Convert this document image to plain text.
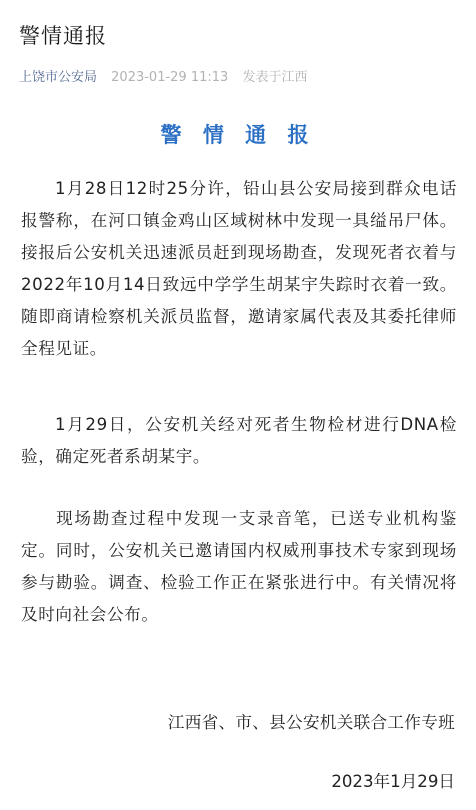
警情通报
上饶市公安局 2023-01-29 11:13 发表于江西
警 情 通 报
1月28日12时25分许，铅山县公安局接到群众电话报警称，在河口镇金鸡山区域树林中发现一具缢吊尸体。接报后公安机关迅速派员赶到现场勘查，发现死者衣着与2022年10月14日致远中学学生胡某宇失踪时衣着一致。随即商请检察机关派员监督，邀请家属代表及其委托律师全程见证。
1月29日，公安机关经对死者生物检材进行DNA检验，确定死者系胡某宇。
现场勘查过程中发现一支录音笔，已送专业机构鉴定。同时，公安机关已邀请国内权威刑事技术专家到现场参与勘验。调查、检验工作正在紧张进行中。有关情况将及时向社会公布。
江西省、市、县公安机关联合工作专班
2023年1月29日
